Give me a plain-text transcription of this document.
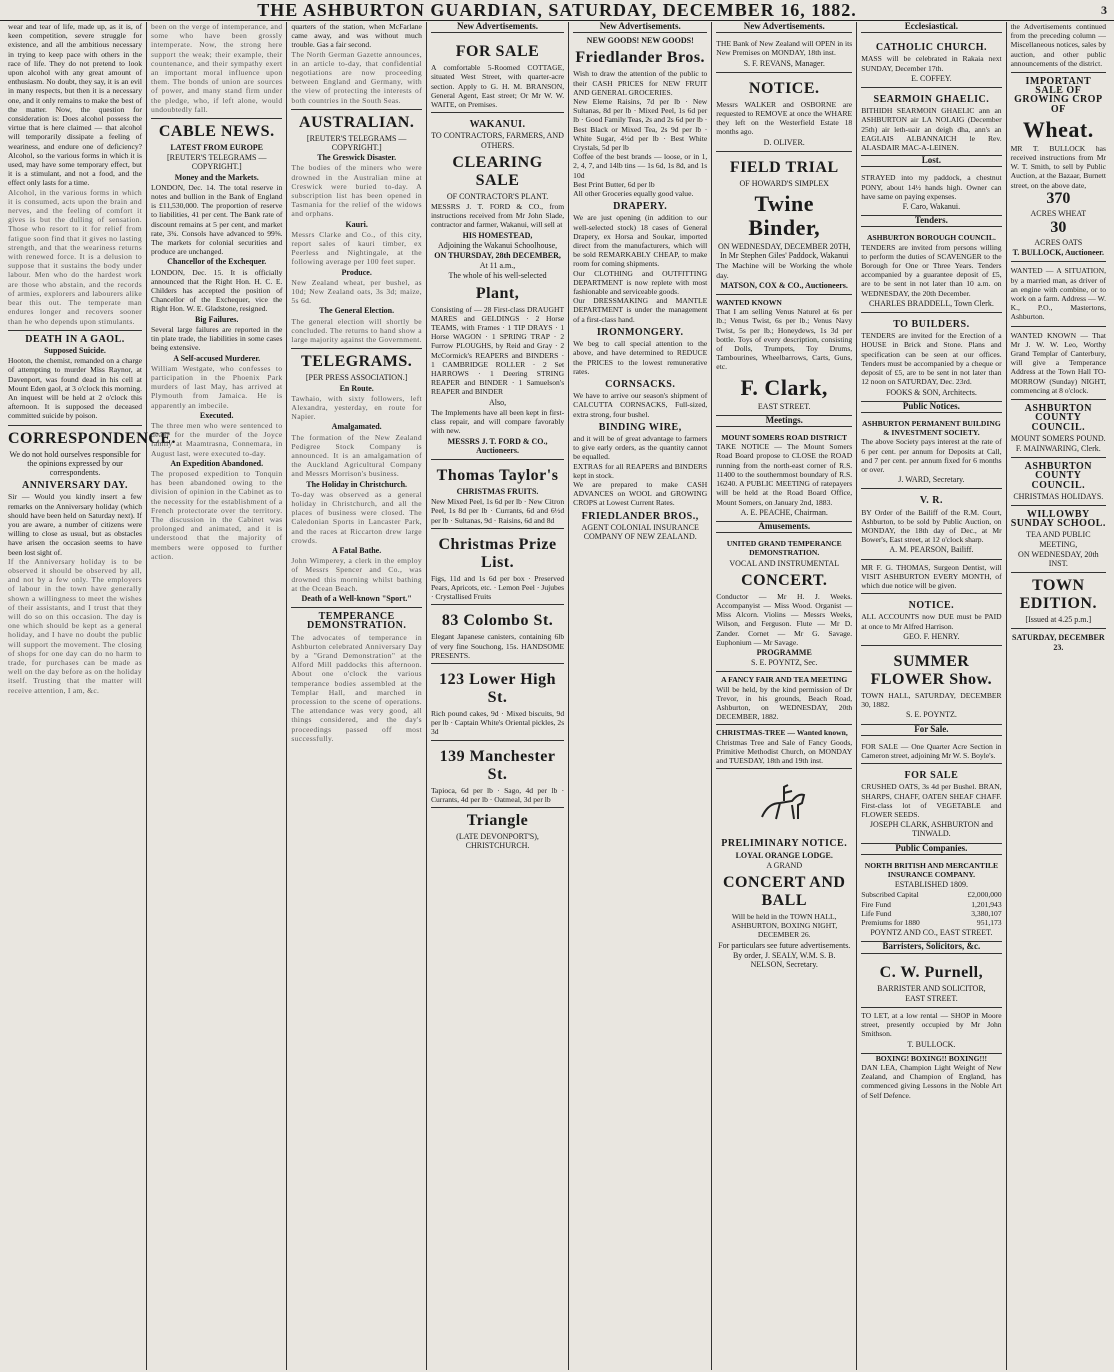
THE ASHBURTON GUARDIAN, SATURDAY, DECEMBER 16, 1882.	3
wear and tear of life, made up, as it is, of keen competition, severe struggle for existence, and all the ambitious necessary in trying to keep pace with others in the race of life. They do not pretend to look upon alcohol with any great amount of enthusiasm. No doubt, they say, it is an evil in many respects, but then it is a necessary one, and it only remains to make the best of the matter. Now, the question for consideration is: Does alcohol possess the virtue that is here claimed — that alcohol will temporarily dissipate a feeling of weariness, and endure one of deficiency? Alcohol, so the various forms in which it is used, may have some temporary effect, but it is a stimulant, and not a food, and the effect only lasts for a time.
Alcohol, in the various forms in which it is consumed, acts upon the brain and nerves, and the feeling of comfort it gives is but the dulling of sensation. Those who resort to it for relief from fatigue soon find that it gives no lasting strength, and that the weariness returns with renewed force. It is a delusion to suppose that it sustains the body under labour. Men who do the hardest work are those who abstain, and the records of armies, explorers and labourers alike bear this out. The temperate man endures longer and recovers sooner than he who depends upon stimulants.
DEATH IN A GAOL.
Supposed Suicide.
Hooton, the chemist, remanded on a charge of attempting to murder Miss Raynor, at Davenport, was found dead in his cell at Mount Eden gaol, at 3 o'clock this morning. An inquest will be held at 2 o'clock this afternoon. It is supposed the deceased committed suicide by poison.
CORRESPONDENCE.
We do not hold ourselves responsible for the opinions expressed by our correspondents.
ANNIVERSARY DAY.
Sir — Would you kindly insert a few remarks on the Anniversary holiday (which should have been held on Saturday next). If you are aware, a number of citizens were willing to close as usual, but as obstacles have arisen the occasion seems to have been lost sight of.
If the Anniversary holiday is to be observed it should be observed by all, and not by a few only. The employers of labour in the town have generally shown a willingness to meet the wishes of their assistants, and I trust that they will do so on this occasion. The day is one which should be kept as a general holiday, and I have no doubt the public will support the movement. The closing of shops for one day can do no harm to trade, for purchases can be made as well on the day before as on the holiday itself. Trusting that the matter will receive attention, I am, &c.
been on the verge of intemperance, and some who have been grossly intemperate. Now, the strong here support the weak; their example, their countenance, and their sympathy exert an important moral influence upon them. The bonds of union are sources of power, and many stand firm under the pledge, who, if left alone, would undoubtedly fall.
CABLE NEWS.
LATEST FROM EUROPE
[REUTER'S TELEGRAMS — COPYRIGHT.]
Money and the Markets.
LONDON, Dec. 14. The total reserve in notes and bullion in the Bank of England is £11,530,000. The proportion of reserve to liabilities, 41 per cent. The Bank rate of discount remains at 5 per cent, and market rate, 3¾. Consols have advanced to 99⅝. The markets for colonial securities and produce are unchanged.
Chancellor of the Exchequer.
LONDON, Dec. 15. It is officially announced that the Right Hon. H. C. E. Childers has accepted the position of Chancellor of the Exchequer, vice the Right Hon. W. E. Gladstone, resigned.
Big Failures.
Several large failures are reported in the tin plate trade, the liabilities in some cases being extensive.
A Self-accused Murderer.
William Westgate, who confesses to participation in the Phoenix Park murders of last May, has arrived at Plymouth from Jamaica. He is apparently an imbecile.
Executed.
The three men who were sentenced to death for the murder of the Joyce family at Maamtrasna, Connemara, in August last, were executed to-day.
An Expedition Abandoned.
The proposed expedition to Tonquin has been abandoned owing to the division of opinion in the Cabinet as to the necessity for the establishment of a French protectorate over the territory. The discussion in the Cabinet was prolonged and animated, and it is understood that the majority of members were opposed to further action.
quarters of the station, when McFarlane came away, and was without much trouble. Gas a fair second.
The North German Gazette announces, in an article to-day, that confidential negotiations are now proceeding between England and Germany, with the view of protecting the interests of both countries in the South Seas.
AUSTRALIAN.
[REUTER'S TELEGRAMS — COPYRIGHT.]
The Greswick Disaster.
The bodies of the miners who were drowned in the Australian mine at Creswick were buried to-day. A subscription list has been opened in Tasmania for the relief of the widows and orphans.
Kauri.
Messrs Clarke and Co., of this city, report sales of kauri timber, ex Peerless and Nightingale, at the following average per 100 feet super.
Produce.
New Zealand wheat, per bushel, as 10d; New Zealand oats, 3s 3d; maize, 5s 6d.
The General Election.
The general election will shortly be concluded. The returns to hand show a large majority against the Government.
TELEGRAMS.
[PER PRESS ASSOCIATION.]
En Route.
Tawhaio, with sixty followers, left Alexandra, yesterday, en route for Napier.
Amalgamated.
The formation of the New Zealand Pedigree Stock Company is announced. It is an amalgamation of the Auckland Agricultural Company and Messrs Morrison's business.
The Holiday in Christchurch.
To-day was observed as a general holiday in Christchurch, and all the places of business were closed. The Caledonian Sports in Lancaster Park, and the races at Riccarton drew large crowds.
A Fatal Bathe.
John Wimperey, a clerk in the employ of Messrs Spencer and Co., was drowned this morning whilst bathing at the Ocean Beach.
Death of a Well-known "Sport."
TEMPERANCE DEMONSTRATION.
The advocates of temperance in Ashburton celebrated Anniversary Day by a "Grand Demonstration" at the Alford Mill paddocks this afternoon. About one o'clock the various temperance bodies assembled at the Templar Hall, and marched in procession to the scene of operations. The attendance was very good, all things considered, and the day's proceedings passed off most successfully.
New Advertisements.
FOR SALE
A comfortable 5-Roomed COTTAGE, situated West Street, with quarter-acre section. Apply to G. H. M. BRANSON, General Agent, East street; Or Mr W. W. WAITE, on Premises.
WAKANUI.
TO CONTRACTORS, FARMERS, AND OTHERS.
CLEARING SALE
OF CONTRACTOR'S PLANT.
MESSRS J. T. FORD & CO., from instructions received from Mr John Slade, contractor and farmer, Wakanui, will sell at
HIS HOMESTEAD,
Adjoining the Wakanui Schoolhouse,
ON THURSDAY, 28th DECEMBER,
At 11 a.m.,
The whole of his well-selected
Plant,
Consisting of — 28 First-class DRAUGHT MARES and GELDINGS · 2 Horse TEAMS, with Frames · 1 TIP DRAYS · 1 Horse WAGON · 1 SPRING TRAP · 2 Furrow PLOUGHS, by Reid and Gray · 2 McCormick's REAPERS and BINDERS · 1 CAMBRIDGE ROLLER · 2 Set HARROWS · 1 Deering STRING REAPER and BINDER · 1 Samuelson's REAPER and BINDER
Also,
The Implements have all been kept in first-class repair, and will compare favorably with new.
MESSRS J. T. FORD & CO., Auctioneers.
Thomas Taylor's
CHRISTMAS FRUITS.
New Mixed Peel, 1s 6d per lb · New Citron Peel, 1s 8d per lb · Currants, 6d and 6½d per lb · Sultanas, 9d · Raisins, 6d and 8d
Christmas Prize List.
Figs, 11d and 1s 6d per box · Preserved Pears, Apricots, etc. · Lemon Peel · Jujubes · Crystallised Fruits
83 Colombo St.
Elegant Japanese canisters, containing 6lb of very fine Souchong, 15s. HANDSOME PRESENTS.
123 Lower High St.
Rich pound cakes, 9d · Mixed biscuits, 9d per lb · Captain White's Oriental pickles, 2s 3d
139 Manchester St.
Tapioca, 6d per lb · Sago, 4d per lb · Currants, 4d per lb · Oatmeal, 3d per lb
Triangle
(LATE DEVONPORT'S), CHRISTCHURCH.
New Advertisements.
NEW GOODS! NEW GOODS!
Friedlander Bros.
Wish to draw the attention of the public to their CASH PRICES for NEW FRUIT AND GENERAL GROCERIES.
New Eleme Raisins, 7d per lb · New Sultanas, 8d per lb · Mixed Peel, 1s 6d per lb · Good Family Teas, 2s and 2s 6d per lb · Best Black or Mixed Tea, 2s 9d per lb · White Sugar, 4½d per lb · Best White Crystals, 5d per lb
Coffee of the best brands — loose, or in 1, 2, 4, 7, and 14lb tins — 1s 6d, 1s 8d, and 1s 10d
Best Print Butter, 6d per lb
All other Groceries equally good value.
DRAPERY.
We are just opening (in addition to our well-selected stock) 18 cases of General Drapery, ex Horsa and Soukar, imported direct from the manufacturers, which will be sold REMARKABLY CHEAP, to make room for coming shipments.
Our CLOTHING and OUTFITTING DEPARTMENT is now replete with most fashionable and serviceable goods.
Our DRESSMAKING and MANTLE DEPARTMENT is under the management of a first-class hand.
IRONMONGERY.
We beg to call special attention to the above, and have determined to REDUCE the PRICES to the lowest remunerative rates.
CORNSACKS.
We have to arrive our season's shipment of CALCUTTA CORNSACKS, Full-sized, extra strong, four bushel.
BINDING WIRE,
and it will be of great advantage to farmers to give early orders, as the quantity cannot be equalled.
EXTRAS for all REAPERS and BINDERS kept in stock.
We are prepared to make CASH ADVANCES on WOOL and GROWING CROPS at Lowest Current Rates.
FRIEDLANDER BROS.,
AGENT COLONIAL INSURANCE COMPANY OF NEW ZEALAND.
New Advertisements.
THE Bank of New Zealand will OPEN in its New Premises on MONDAY, 18th inst.
S. F. REVANS, Manager.
NOTICE.
Messrs WALKER and OSBORNE are requested to REMOVE at once the WHARE they left on the Westerfield Estate 18 months ago.
D. OLIVER.
FIELD TRIAL
OF HOWARD'S SIMPLEX
Twine Binder,
ON WEDNESDAY, DECEMBER 20TH, In Mr Stephen Giles' Paddock, Wakanui
The Machine will be Working the whole day.
MATSON, COX & CO., Auctioneers.
WANTED KNOWN
That I am selling Venus Naturel at 6s per lb.; Venus Twist, 6s per lb.; Venus Navy Twist, 5s per lb.; Honeydews, 1s 3d per bottle. Toys of every description, consisting of Dolls, Trumpets, Toy Drums, Tambourines, Wheelbarrows, Carts, Guns, etc.
F. Clark,
EAST STREET.
Meetings.
MOUNT SOMERS ROAD DISTRICT
TAKE NOTICE — The Mount Somers Road Board propose to CLOSE the ROAD running from the north-east corner of R.S. 11400 to the southernmost boundary of R.S. 16240. A PUBLIC MEETING of ratepayers will be held at the Road Board Office, Mount Somers, on January 2nd, 1883.
A. E. PEACHE, Chairman.
Amusements.
UNITED GRAND TEMPERANCE DEMONSTRATION.
VOCAL AND INSTRUMENTAL
CONCERT.
Conductor — Mr H. J. Weeks. Accompanyist — Miss Wood. Organist — Miss Alcorn. Violins — Messrs Weeks, Wilson, and Ferguson. Flute — Mr D. Zander. Cornet — Mr G. Savage. Euphonium — Mr Savage.
PROGRAMME
S. E. POYNTZ, Sec.
A FANCY FAIR AND TEA MEETING
Will be held, by the kind permission of Dr Trevor, in his grounds, Beach Road, Ashburton, on WEDNESDAY, 20th DECEMBER, 1882.
CHRISTMAS-TREE — Wanted known,
Christmas Tree and Sale of Fancy Goods, Primitive Methodist Church, on MONDAY and TUESDAY, 18th and 19th inst.
PRELIMINARY NOTICE.
LOYAL ORANGE LODGE.
A GRAND
CONCERT AND BALL
Will be held in the TOWN HALL, ASHBURTON, BOXING NIGHT, DECEMBER 26.
For particulars see future advertisements.
By order, J. SEALY, W.M. S. B. NELSON, Secretary.
Ecclesiastical.
CATHOLIC CHURCH.
MASS will be celebrated in Rakaia next SUNDAY, December 17th.
E. COFFEY.
SEARMOIN GHAELIC.
BITHIDH SEARMOIN GHAELIC ann an ASHBURTON air LA NOLAIG (December 25th) air leth-uair an deigh dha, ann's an EAGLAIS ALBANNAICH le Rev. ALASDAIR MAC-A-LEINEN.
Lost.
STRAYED into my paddock, a chestnut PONY, about 14½ hands high. Owner can have same on paying expenses.
F. Caro, Wakanui.
Tenders.
ASHBURTON BOROUGH COUNCIL.
TENDERS are invited from persons willing to perform the duties of SCAVENGER to the Borough for One or Three Years. Tenders accompanied by a guarantee deposit of £5, are to be sent in not later than 10 a.m. on WEDNESDAY, the 20th December.
CHARLES BRADDELL, Town Clerk.
TO BUILDERS.
TENDERS are invited for the Erection of a HOUSE in Brick and Stone. Plans and specification can be seen at our offices. Tenders must be accompanied by a cheque or deposit of £5, are to be sent in not later than 12 noon on SATURDAY, Dec. 23rd.
FOOKS & SON, Architects.
Public Notices.
ASHBURTON PERMANENT BUILDING & INVESTMENT SOCIETY.
The above Society pays interest at the rate of 6 per cent. per annum for Deposits at Call, and 7 per cent. per annum fixed for 6 months or over.
J. WARD, Secretary.
V. R.
BY Order of the Bailiff of the R.M. Court, Ashburton, to be sold by Public Auction, on MONDAY, the 18th day of Dec., at Mr Bower's, East street, at 12 o'clock sharp.
A. M. PEARSON, Bailiff.
MR F. G. THOMAS, Surgeon Dentist, will VISIT ASHBURTON EVERY MONTH, of which due notice will be given.
NOTICE.
ALL ACCOUNTS now DUE must be PAID at once to Mr Alfred Harrison.
GEO. F. HENRY.
SUMMER FLOWER Show.
TOWN HALL, SATURDAY, DECEMBER 30, 1882.
S. E. POYNTZ.
For Sale.
FOR SALE — One Quarter Acre Section in Cameron street, adjoining Mr W. S. Boyle's.
FOR SALE
CRUSHED OATS, 3s 4d per Bushel. BRAN, SHARPS, CHAFF, OATEN SHEAF CHAFF. First-class lot of VEGETABLE and FLOWER SEEDS.
JOSEPH CLARK, ASHBURTON and TINWALD.
Public Companies.
NORTH BRITISH AND MERCANTILE INSURANCE COMPANY.
ESTABLISHED 1809.
Subscribed Capital	£2,000,000
Fire Fund	1,201,943
Life Fund	3,380,107
Premiums for 1880	951,173
POYNTZ AND CO., EAST STREET.
Barristers, Solicitors, &c.
C. W. Purnell,
BARRISTER AND SOLICITOR,
EAST STREET.
TO LET, at a low rental — SHOP in Moore street, presently occupied by Mr John Smithson.
T. BULLOCK.
BOXING! BOXING!! BOXING!!!
DAN LEA, Champion Light Weight of New Zealand, and Champion of England, has commenced giving Lessons in the Noble Art of Self Defence.
the Advertisements continued from the preceding column — Miscellaneous notices, sales by auction, and other public announcements of the district.
IMPORTANT SALE OF GROWING CROP OF
Wheat.
MR T. BULLOCK has received instructions from Mr W. T. Smith, to sell by Public Auction, at the Bazaar, Burnett street, on the above date,
370
ACRES WHEAT
30
ACRES OATS
T. BULLOCK, Auctioneer.
WANTED — A SITUATION, by a married man, as driver of an engine with combine, or to work on a farm. Address — W. K., P.O., Mastertons, Ashburton.
WANTED KNOWN — That Mr J. W. W. Leo, Worthy Grand Templar of Canterbury, will give a Temperance Address at the Town Hall TO-MORROW (Sunday) NIGHT, commencing at 8 o'clock.
ASHBURTON COUNTY COUNCIL.
MOUNT SOMERS POUND.
F. MAINWARING, Clerk.
ASHBURTON COUNTY COUNCIL.
CHRISTMAS HOLIDAYS.
WILLOWBY SUNDAY SCHOOL.
TEA AND PUBLIC MEETING,
ON WEDNESDAY, 20th INST.
TOWN EDITION.
[Issued at 4.25 p.m.]
SATURDAY, DECEMBER 23.
